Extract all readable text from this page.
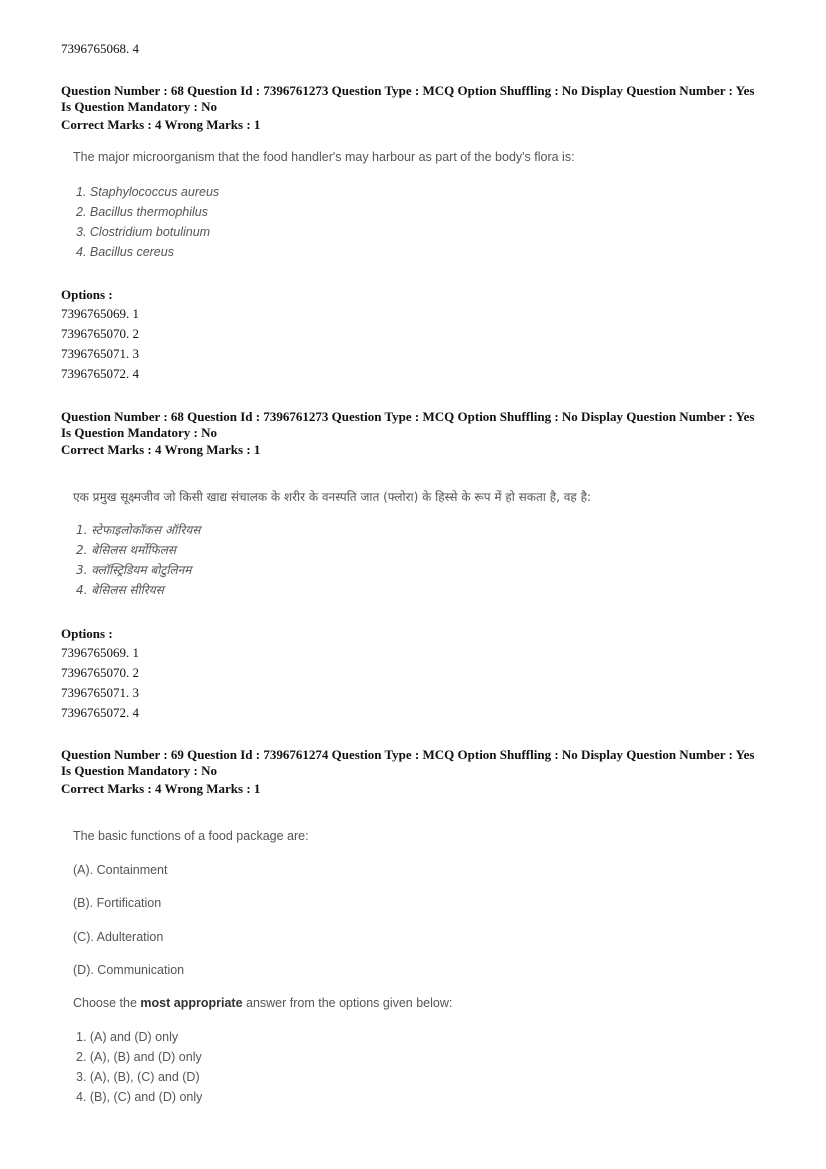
7396765068. 4
Question Number : 68 Question Id : 7396761273 Question Type : MCQ Option Shuffling : No Display Question Number : Yes
Is Question Mandatory : No
Correct Marks : 4 Wrong Marks : 1
The major microorganism that the food handler's may harbour as part of the body's flora is:
1. Staphylococcus aureus
2. Bacillus thermophilus
3. Clostridium botulinum
4. Bacillus cereus
Options :
7396765069. 1
7396765070. 2
7396765071. 3
7396765072. 4
Question Number : 68 Question Id : 7396761273 Question Type : MCQ Option Shuffling : No Display Question Number : Yes
Is Question Mandatory : No
Correct Marks : 4 Wrong Marks : 1
एक प्रमुख सूक्ष्मजीव जो किसी खाद्य संचालक के शरीर के वनस्पति जात (फ्लोरा) के हिस्से के रूप में हो सकता है, वह है:
1. स्टेफाइलोकॉकस ऑरियस
2. बेसिलस थर्मोफिलस
3. क्लॉस्ट्रिडियम बोटुलिनम
4. बेसिलस सीरियस
Options :
7396765069. 1
7396765070. 2
7396765071. 3
7396765072. 4
Question Number : 69 Question Id : 7396761274 Question Type : MCQ Option Shuffling : No Display Question Number : Yes
Is Question Mandatory : No
Correct Marks : 4 Wrong Marks : 1
The basic functions of a food package are:
(A). Containment
(B). Fortification
(C). Adulteration
(D). Communication
Choose the most appropriate answer from the options given below:
1. (A) and (D) only
2. (A), (B) and (D) only
3. (A), (B), (C) and (D)
4. (B), (C) and (D) only
